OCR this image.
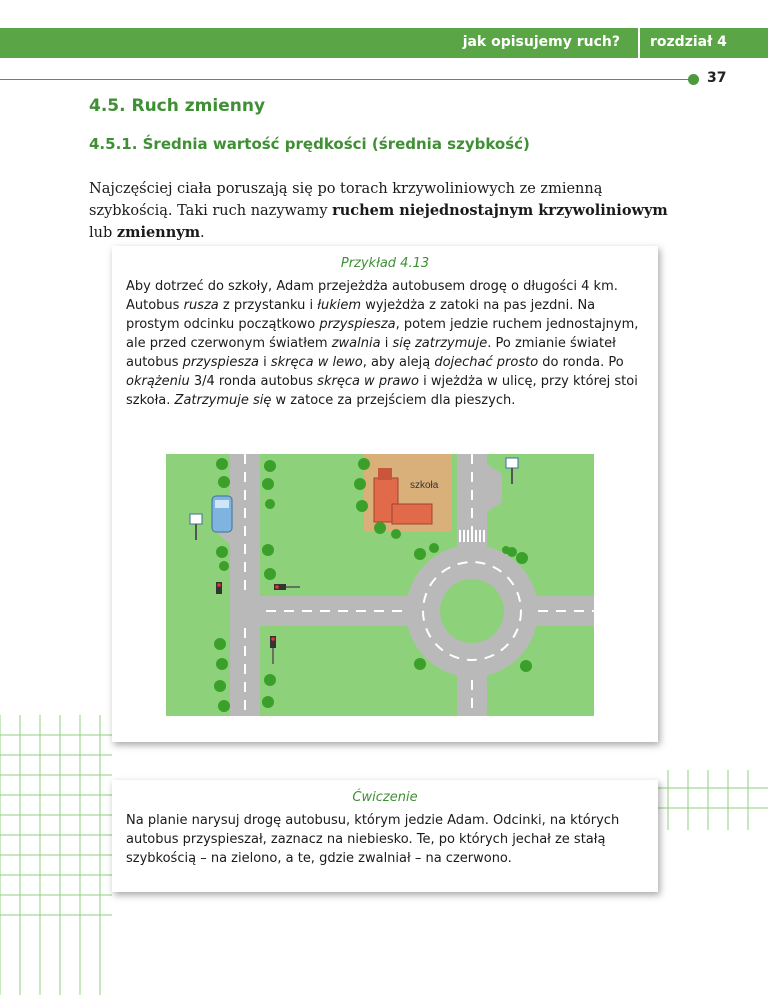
jak opisujemy ruch? rozdział 4
37
4.5. Ruch zmienny
4.5.1. Średnia wartość prędkości (średnia szybkość)

Najczęściej ciała poruszają się po torach krzywoliniowych ze zmienną szybkością. Taki ruch nazywamy ruchem niejednostajnym krzywoliniowym lub zmiennym.

Przykład 4.13
Aby dotrzeć do szkoły, Adam przejeżdża autobusem drogę o długości 4 km. Autobus rusza z przystanku i łukiem wyjeżdża z zatoki na pas jezdni. Na prostym odcinku początkowo przyspiesza, potem jedzie ruchem jednostajnym, ale przed czerwonym światłem zwalnia i się zatrzymuje. Po zmianie świateł autobus przyspiesza i skręca w lewo, aby aleją dojechać prosto do ronda. Po okrążeniu 3/4 ronda autobus skręca w prawo i wjeżdża w ulicę, przy której stoi szkoła. Zatrzymuje się w zatoce za przejściem dla pieszych.
szkoła
Ćwiczenie
Na planie narysuj drogę autobusu, którym jedzie Adam. Odcinki, na których autobus przyspieszał, zaznacz na niebiesko. Te, po których jechał ze stałą szybkością – na zielono, a te, gdzie zwalniał – na czerwono.
